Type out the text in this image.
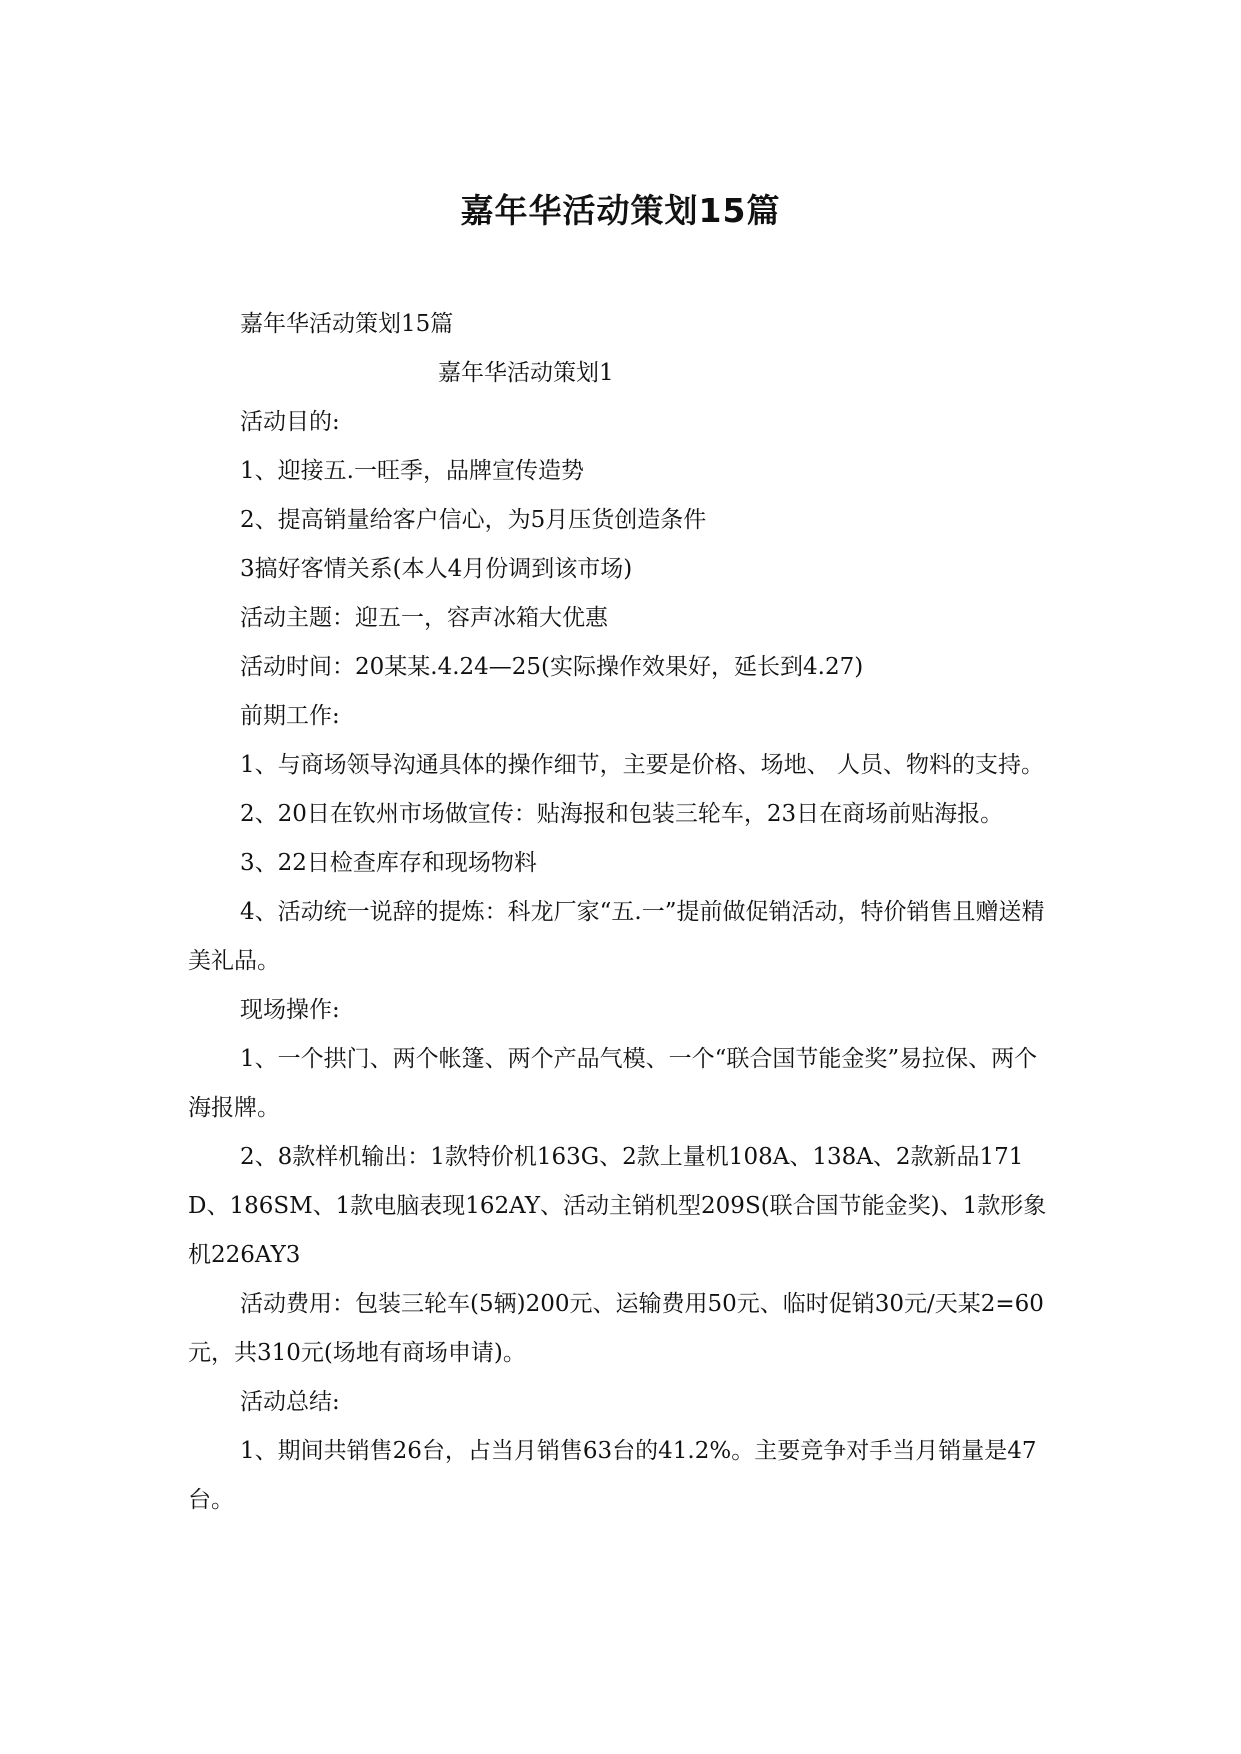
嘉年华活动策划15篇

嘉年华活动策划15篇

嘉年华活动策划1

活动目的:

1、迎接五.一旺季，品牌宣传造势

2、提高销量给客户信心，为5月压货创造条件

3搞好客情关系(本人4月份调到该市场)

活动主题：迎五一，容声冰箱大优惠

活动时间：20某某.4.24—25(实际操作效果好，延长到4.27)

前期工作:

1、与商场领导沟通具体的操作细节，主要是价格、场地、 人员、物料的支持。

2、20日在钦州市场做宣传：贴海报和包装三轮车，23日在商场前贴海报。

3、22日检查库存和现场物料

4、活动统一说辞的提炼：科龙厂家“五.一”提前做促销活动，特价销售且赠送精美礼品。

现场操作:

1、一个拱门、两个帐篷、两个产品气模、一个“联合国节能金奖”易拉保、两个海报牌。

2、8款样机输出：1款特价机163G、2款上量机108A、138A、2款新品171D、186SM、1款电脑表现162AY、活动主销机型209S(联合国节能金奖)、1款形象机226AY3

活动费用：包装三轮车(5辆)200元、运输费用50元、临时促销30元/天某2=60元，共310元(场地有商场申请)。

活动总结:

1、期间共销售26台，占当月销售63台的41.2%。主要竞争对手当月销量是47台。
